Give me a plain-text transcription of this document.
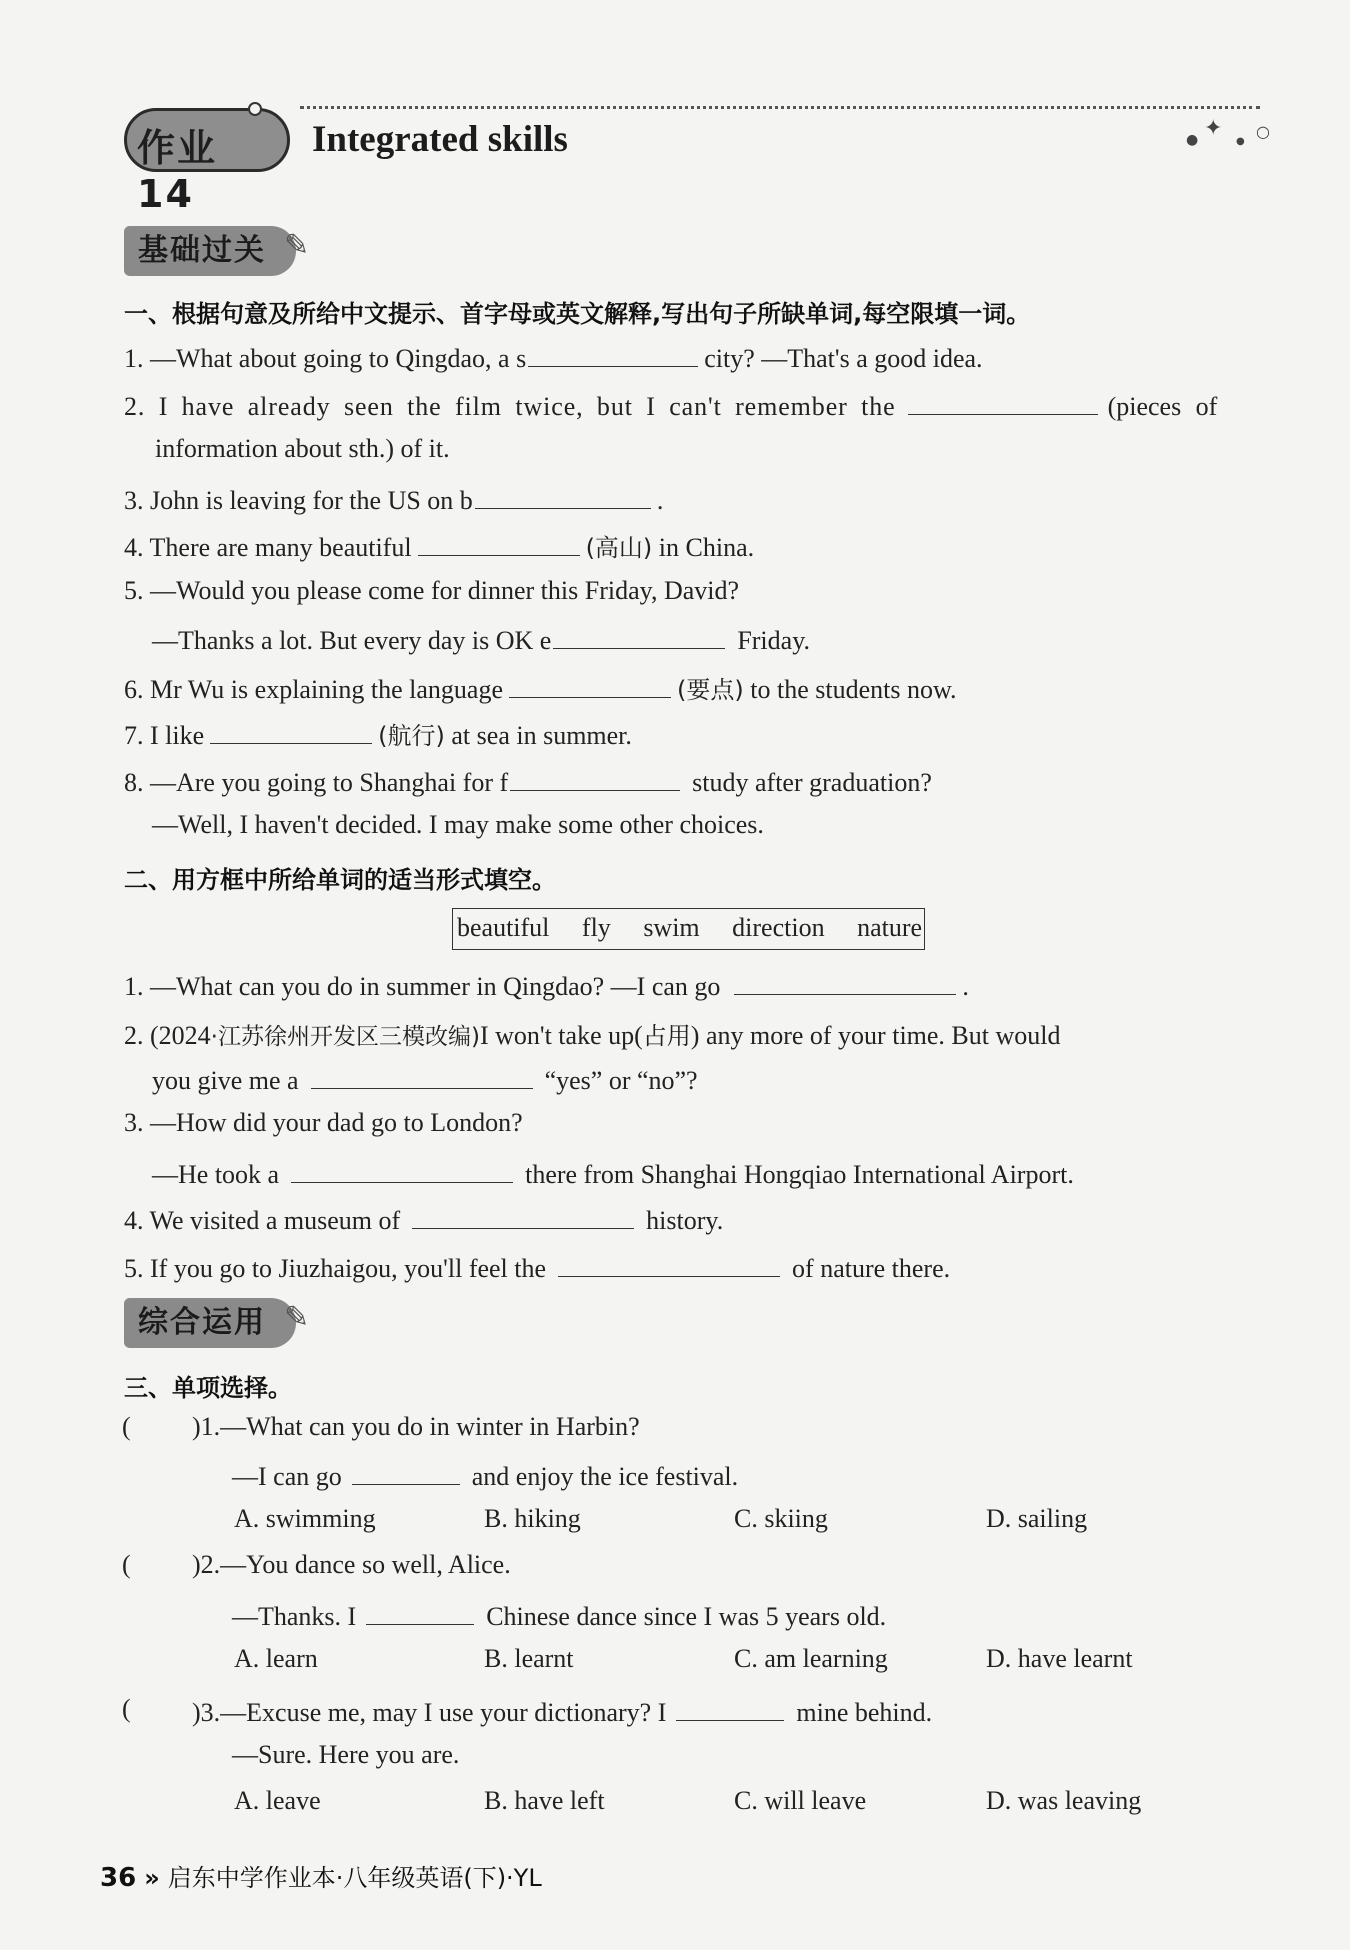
作业 14
Integrated skills	● ✦
●
○
基础过关 ✎
一、根据句意及所给中文提示、首字母或英文解释,写出句子所缺单词,每空限填一词。
1. —What about going to Qingdao, a s	city? —That's a good idea.
2. I have already seen the film twice, but I can't remember the	(pieces of
information about sth.) of it.
3. John is leaving for the US on b	.
4. There are many beautiful	(高山) in China.
5. —Would you please come for dinner this Friday, David?
—Thanks a lot. But every day is OK e	Friday.
6. Mr Wu is explaining the language	(要点) to the students now.
7. I like	(航行) at sea in summer.
8. —Are you going to Shanghai for f	study after graduation?
—Well, I haven't decided. I may make some other choices.
二、用方框中所给单词的适当形式填空。
beautiful fly swim direction nature
1. —What can you do in summer in Qingdao? —I can go	.
2. (2024·江苏徐州开发区三模改编)I won't take up(占用) any more of your time. But would
you give me a	“yes” or “no”?
3. —How did your dad go to London?
—He took a	there from Shanghai Hongqiao International Airport.
4. We visited a museum of	history.
5. If you go to Jiuzhaigou, you'll feel the	of nature there.
综合运用 ✎
三、单项选择。
( )1.—What can you do in winter in Harbin?
—I can go	and enjoy the ice festival.
A. swimming	B. hiking	C. skiing	D. sailing
( )2.—You dance so well, Alice.
—Thanks. I	Chinese dance since I was 5 years old.
A. learn	B. learnt	C. am learning	D. have learnt
( )3.—Excuse me, may I use your dictionary? I	mine behind.
—Sure. Here you are.
A. leave	B. have left	C. will leave	D. was leaving
36 » 启东中学作业本·八年级英语(下)·YL
